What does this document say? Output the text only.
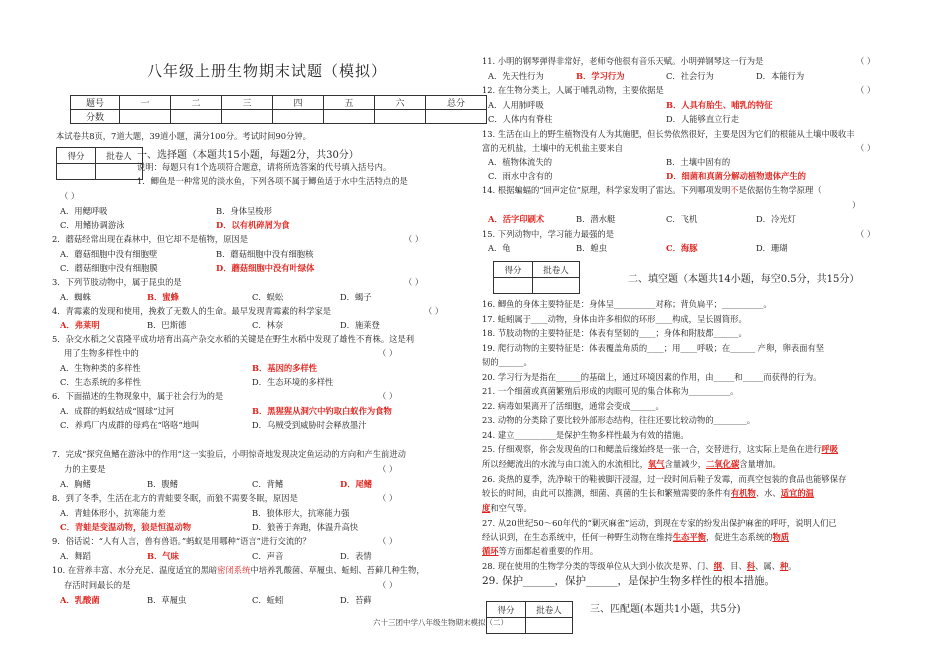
八年级上册生物期末试题（模拟）
题号	一	二	三	四	五	六	总分
分数							
本试卷共8页，7道大题，39道小题，满分100分。考试时间90分钟。
得分	批卷人
	一、选择题（本题共15小题，每题2分，共30分）
说明：每题只有1个选项符合题意，请将所选答案的代号填入括号内。
1．鲫鱼是一种常见的淡水鱼，下列各项不属于鲫鱼适于水中生活特点的是
（ ）
A．用鳃呼吸	B．身体呈梭形
C．用鳍协调游泳	D．以有机碎屑为食
2．蘑菇经常出现在森林中，但它却不是植物，原因是	（ ）
A．蘑菇细胞中没有细胞壁	B．蘑菇细胞中没有细胞核
C．蘑菇细胞中没有细胞膜	D．蘑菇细胞中没有叶绿体
3．下列节肢动物中，属于昆虫的是	（ ）
A．蜘蛛	B．蜜蜂	C．蜈蚣	D．蝎子
4．青霉素的发现和使用，挽救了无数人的生命。最早发现青霉素的科学家是	（ ）
A．弗莱明	B．巴斯德	C．林奈	D．施莱登
5．杂交水稻之父袁隆平成功培育出高产杂交水稻的关键是在野生水稻中发现了雄性不育株。这是利
用了生物多样性中的	（ ）
A．生物种类的多样性	B．基因的多样性
C．生态系统的多样性	D．生态环境的多样性
6．下面描述的生物现象中，属于社会行为的是	（ ）
A．成群的蚂蚁结成“圆球”过河	B．黑猩猩从洞穴中钓取白蚁作为食物
C．养鸡厂内成群的母鸡在“咯咯”地叫	D．乌贼受到威胁时会释放墨汁
7．完成“探究鱼鳍在游泳中的作用”这一实验后，小明惊奇地发现决定鱼运动的方向和产生前进动
力的主要是	（ ）
A．胸鳍	B．腹鳍	C．背鳍	D．尾鳍
8．到了冬季，生活在北方的青蛙要冬眠，而狼不需要冬眠，原因是	（ ）
A．青蛙体形小，抗寒能力差	B．狼体形大，抗寒能力强
C．青蛙是变温动物，狼是恒温动物	D．狼善于奔跑，体温升高快
9．俗话说：“人有人言，兽有兽语。”蚂蚁是用哪种“语言”进行交流的？	（ ）
A．舞蹈	B．气味	C．声音	D．表情
10. 在营养丰富、水分充足、温度适宜的黑暗密闭系统中培养乳酸菌、草履虫、蚯蚓、苔藓几种生物，
存活时间最长的是	（ ）
A．乳酸菌	B．草履虫	C．蚯蚓	D．苔藓
11. 小明的钢琴弹得非常好，老师夸他很有音乐天赋。小明弹钢琴这一行为是	（ ）
A．先天性行为	B．学习行为	C．社会行为	D．本能行为
12. 在生物分类上，人属于哺乳动物，主要依据是	（ ）
A．人用肺呼吸	B．人具有胎生、哺乳的特征
C．人体内有脊柱	D．人能够直立行走
13. 生活在山上的野生植物没有人为其施肥，但长势依然很好，主要是因为它们的根能从土壤中吸收丰
富的无机盐，土壤中的无机盐主要来自	（ ）
A．植物体流失的	B．土壤中固有的
C．雨水中含有的	D．细菌和真菌分解动植物遗体产生的
14. 根据蝙蝠的“回声定位”原理，科学家发明了雷达。下列哪项发明不是依据仿生物学原理（
）
A．活字印刷术	B．潜水艇	C．飞机	D．冷光灯
15. 下列动物中，学习能力最强的是	（ ）
A．龟	B．蝗虫	C．海豚	D．珊瑚
得分	批卷人

二、填空题（本题共14小题，每空0.5分，共15分）
16. 鲫鱼的身体主要特征是：身体呈__________对称；背负扁平；__________。
17. 蚯蚓属于____动物，身体由许多相似的环形____构成，呈长圆筒形。
18. 节肢动物的主要特征是：体表有坚韧的____；身体和附肢都______。
19. 爬行动物的主要特征是：体表覆盖角质的____；用____呼吸；在______ 产卵，卵表面有坚
韧的______。
20. 学习行为是指在______的基础上，通过环境因素的作用，由_____和_____而获得的行为。
21. 一个细菌或真菌繁殖后形成的肉眼可见的集合体称为__________。
22. 病毒如果离开了活细胞，通常会变成______。
23. 动物的分类除了要比较外部形态结构，往往还要比较动物的________。
24. 建立__________是保护生物多样性最为有效的措施。
25. 仔细观察，你会发现鱼的口和鳃盖后缘始终是一张一合，交替进行，这实际上是鱼在进行呼吸
所以经鳃流出的水流与由口流入的水流相比，氧气含量减少，二氧化碳含量增加。
26. 炎热的夏季，洗净晾干的鞋被脚汗浸湿，过一段时间后鞋子发霉，而真空包装的食品也能够保存
较长的时间，由此可以推测，细菌、真菌的生长和繁殖需要的条件有有机物、水、适宜的温
度和空气等。
27. 从20世纪50～60年代的“剿灭麻雀”运动，到现在专家的纷发出保护麻雀的呼吁，说明人们已
经认识到，在生态系统中，任何一种野生动物在维持生态平衡，促进生态系统的物质
循环等方面都起着重要的作用。
28. 现在使用的生物学分类的等级单位从大到小依次是界、门、纲、目、科、属、种。
29. 保护______，保护______，是保护生物多样性的根本措施。
得分	批卷人
		三、匹配题(本题共1小题，共5分)
六十三团中学八年级生物期末模拟（二）
